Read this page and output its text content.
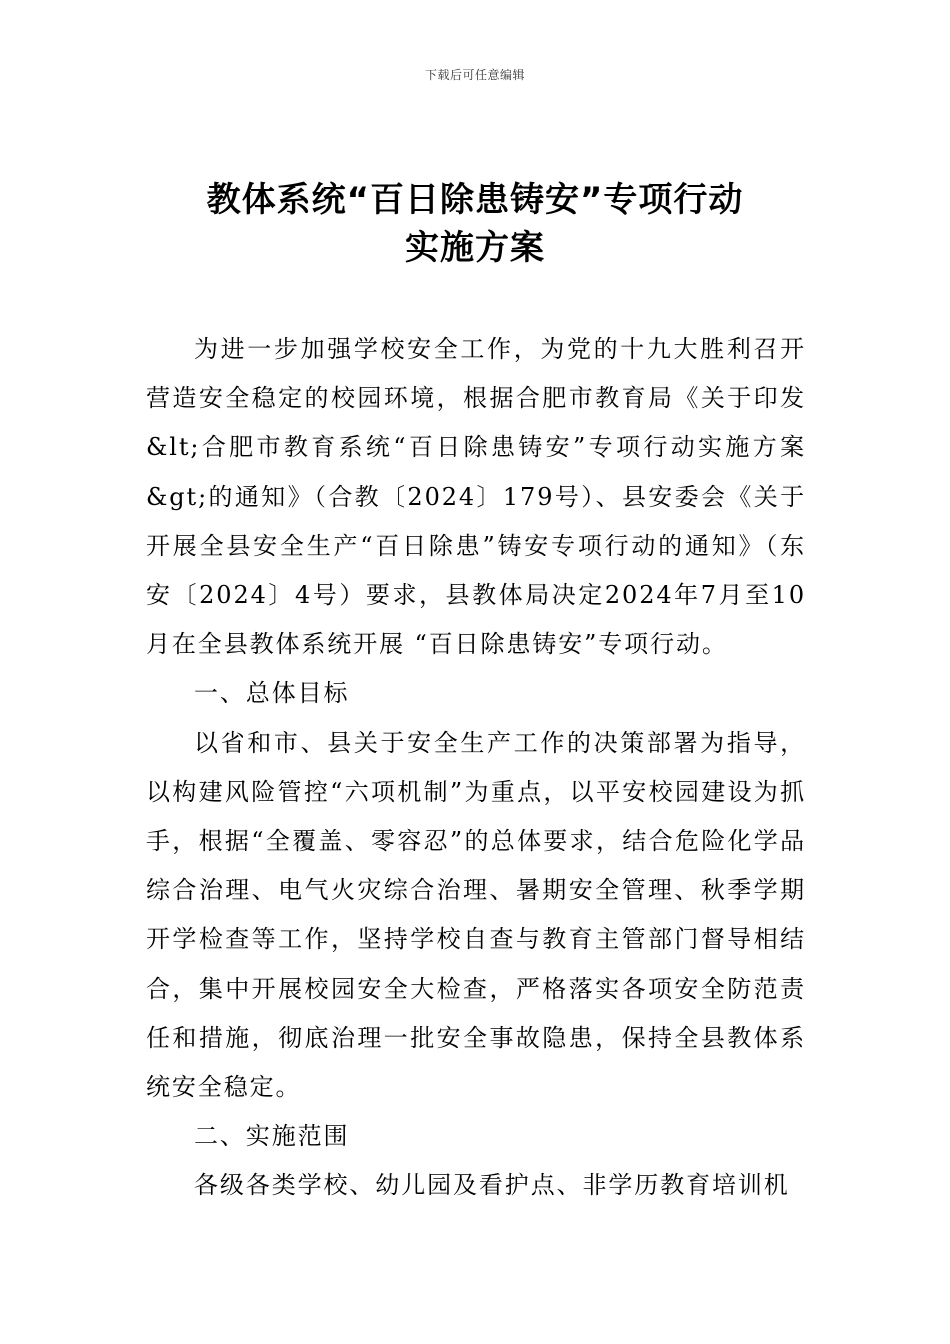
下载后可任意编辑
教体系统“百日除患铸安”专项行动
实施方案

为进一步加强学校安全工作，为党的十九大胜利召开营造安全稳定的校园环境，根据合肥市教育局《关于印发&lt;合肥市教育系统“百日除患铸安”专项行动实施方案&gt;的通知》（合教〔2024〕179号）、县安委会《关于开展全县安全生产“百日除患”铸安专项行动的通知》（东安〔2024〕4号）要求，县教体局决定2024年7月至10月在全县教体系统开展 “百日除患铸安”专项行动。

一、总体目标

以省和市、县关于安全生产工作的决策部署为指导，以构建风险管控“六项机制”为重点，以平安校园建设为抓手，根据“全覆盖、零容忍”的总体要求，结合危险化学品综合治理、电气火灾综合治理、暑期安全管理、秋季学期开学检查等工作，坚持学校自查与教育主管部门督导相结合，集中开展校园安全大检查，严格落实各项安全防范责任和措施，彻底治理一批安全事故隐患，保持全县教体系统安全稳定。

二、实施范围

各级各类学校、幼儿园及看护点、非学历教育培训机
